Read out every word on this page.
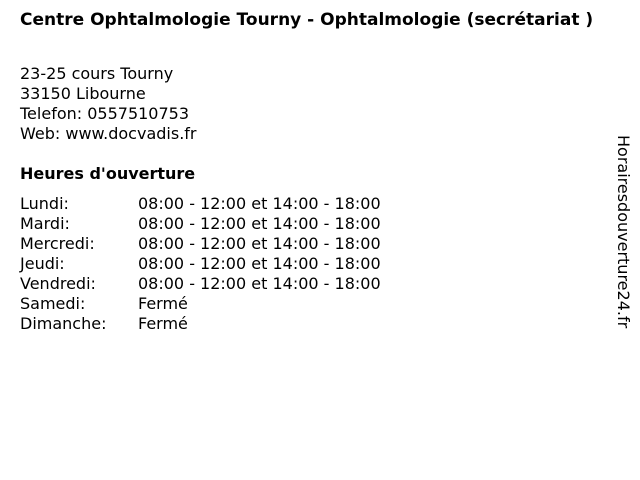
Centre Ophtalmologie Tourny - Ophtalmologie (secrétariat )
23-25 cours Tourny
33150 Libourne
Telefon: 0557510753
Web: www.docvadis.fr
Heures d'ouverture
Lundi:	08:00 - 12:00 et 14:00 - 18:00
Mardi:	08:00 - 12:00 et 14:00 - 18:00
Mercredi:	08:00 - 12:00 et 14:00 - 18:00
Jeudi:	08:00 - 12:00 et 14:00 - 18:00
Vendredi:	08:00 - 12:00 et 14:00 - 18:00
Samedi:	Fermé
Dimanche:	Fermé	Horairesdouverture24.fr
